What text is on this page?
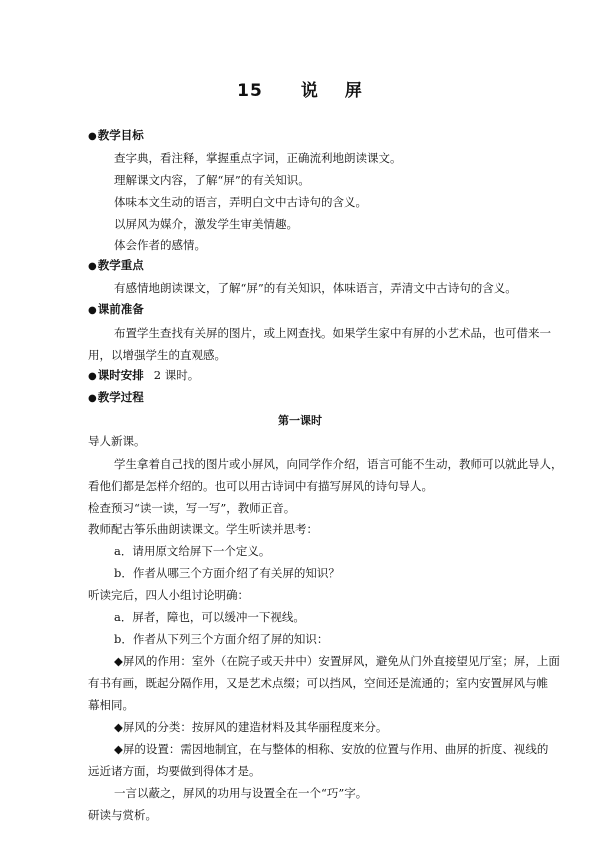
15 说 屏
●教学目标
查字典，看注释，掌握重点字词，正确流利地朗读课文。
理解课文内容，了解“屏”的有关知识。
体味本文生动的语言，弄明白文中古诗句的含义。
以屏风为媒介，激发学生审美情趣。
体会作者的感情。
●教学重点
有感情地朗读课文，了解“屏”的有关知识，体味语言，弄清文中古诗句的含义。
●课前准备
布置学生查找有关屏的图片，或上网查找。如果学生家中有屏的小艺术品，也可借来一
用，以增强学生的直观感。
●课时安排 2 课时。
●教学过程
第一课时
导人新课。
学生拿着自己找的图片或小屏风，向同学作介绍，语言可能不生动，教师可以就此导人，
看他们都是怎样介绍的。也可以用古诗词中有描写屏风的诗句导人。
检查预习“读一读，写一写”，教师正音。
教师配古筝乐曲朗读课文。学生听读并思考：
a．请用原文给屏下一个定义。
b．作者从哪三个方面介绍了有关屏的知识？
听读完后，四人小组讨论明确：
a．屏者，障也，可以缓冲一下视线。
b．作者从下列三个方面介绍了屏的知识：
◆屏风的作用：室外（在院子或天井中）安置屏风，避免从门外直接望见厅室；屏，上面
有书有画，既起分隔作用，又是艺术点缀；可以挡风，空间还是流通的；室内安置屏风与帷
幕相同。
◆屏风的分类：按屏风的建造材料及其华丽程度来分。
◆屏的设置：需因地制宜，在与整体的相称、安放的位置与作用、曲屏的折度、视线的
远近诸方面，均要做到得体才是。
一言以蔽之，屏风的功用与设置全在一个“巧”字。
研读与赏析。
